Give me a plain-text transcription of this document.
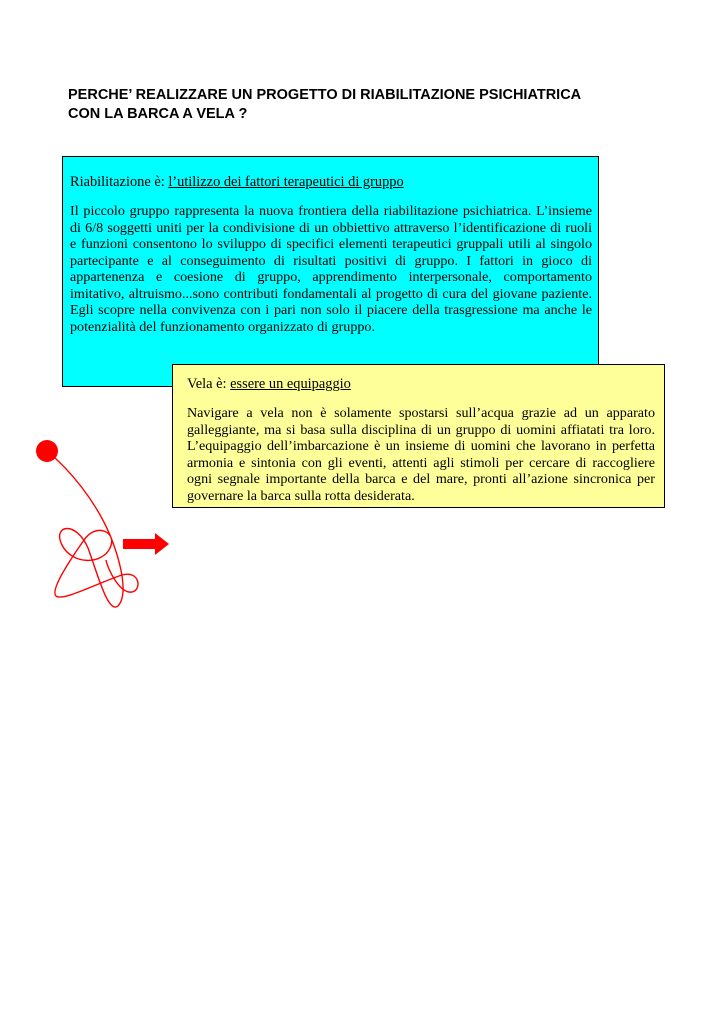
PERCHE’ REALIZZARE UN PROGETTO DI RIABILITAZIONE PSICHIATRICA
CON LA BARCA A VELA ?

Riabilitazione è: l’utilizzo dei fattori terapeutici di gruppo

Il piccolo gruppo rappresenta la nuova frontiera della riabilitazione psichiatrica. L’insieme di 6/8 soggetti uniti per la condivisione di un obbiettivo attraverso l’identificazione di ruoli e funzioni consentono lo sviluppo di specifici elementi terapeutici gruppali utili al singolo partecipante e al conseguimento di risultati positivi di gruppo. I fattori in gioco di appartenenza e coesione di gruppo, apprendimento interpersonale, comportamento imitativo, altruismo...sono contributi fondamentali al progetto di cura del giovane paziente. Egli scopre nella convivenza con i pari non solo il piacere della trasgressione ma anche le potenzialità del funzionamento organizzato di gruppo.

Vela è: essere un equipaggio

Navigare a vela non è solamente spostarsi sull’acqua grazie ad un apparato galleggiante, ma si basa sulla disciplina di un gruppo di uomini affiatati tra loro. L’equipaggio dell’imbarcazione è un insieme di uomini che lavorano in perfetta armonia e sintonia con gli eventi, attenti agli stimoli per cercare di raccogliere ogni segnale importante della barca e del mare, pronti all’azione sincronica per governare la barca sulla rotta desiderata.
